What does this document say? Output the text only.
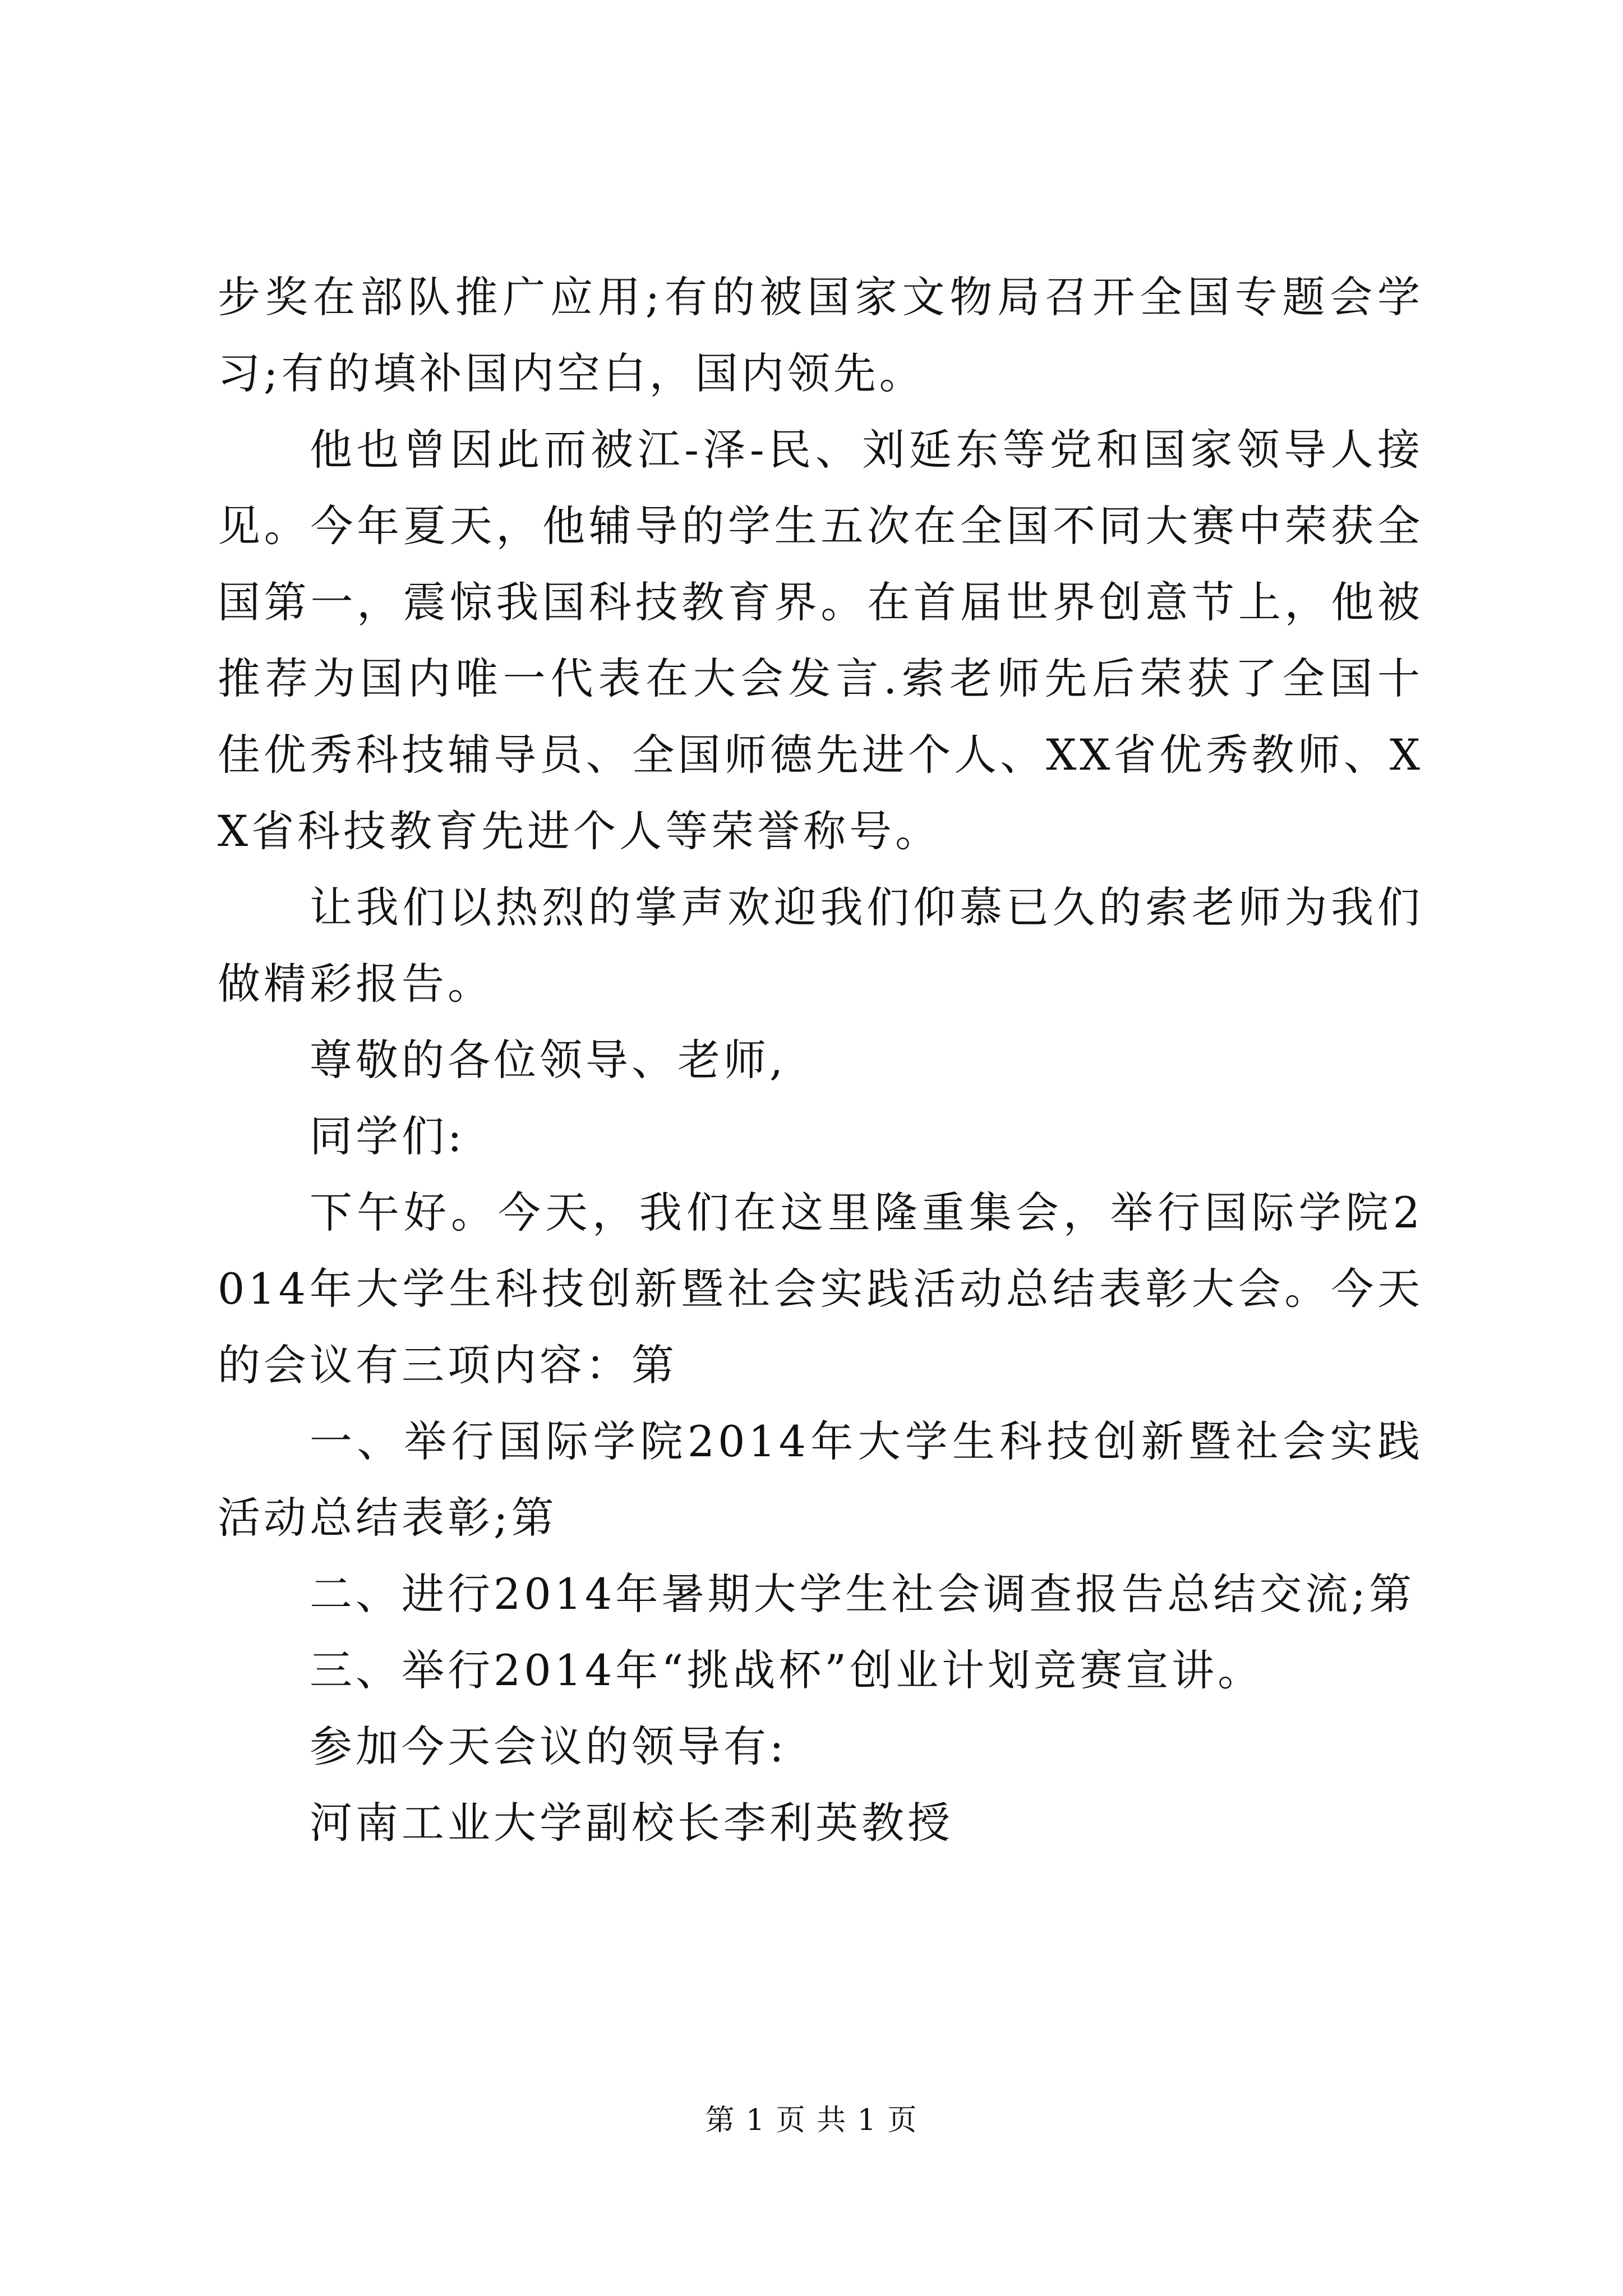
步奖在部队推广应用;有的被国家文物局召开全国专题会学习;有的填补国内空白，国内领先。

他也曾因此而被江-泽-民、刘延东等党和国家领导人接见。今年夏天，他辅导的学生五次在全国不同大赛中荣获全国第一，震惊我国科技教育界。在首届世界创意节上，他被推荐为国内唯一代表在大会发言.索老师先后荣获了全国十佳优秀科技辅导员、全国师德先进个人、XX省优秀教师、XX省科技教育先进个人等荣誉称号。

让我们以热烈的掌声欢迎我们仰慕已久的索老师为我们做精彩报告。

尊敬的各位领导、老师,

同学们:

下午好。今天，我们在这里隆重集会，举行国际学院2014年大学生科技创新暨社会实践活动总结表彰大会。今天的会议有三项内容：第

一、举行国际学院2014年大学生科技创新暨社会实践活动总结表彰;第

二、进行2014年暑期大学生社会调查报告总结交流;第

三、举行2014年“挑战杯”创业计划竞赛宣讲。

参加今天会议的领导有:

河南工业大学副校长李利英教授

第 1 页 共 1 页
